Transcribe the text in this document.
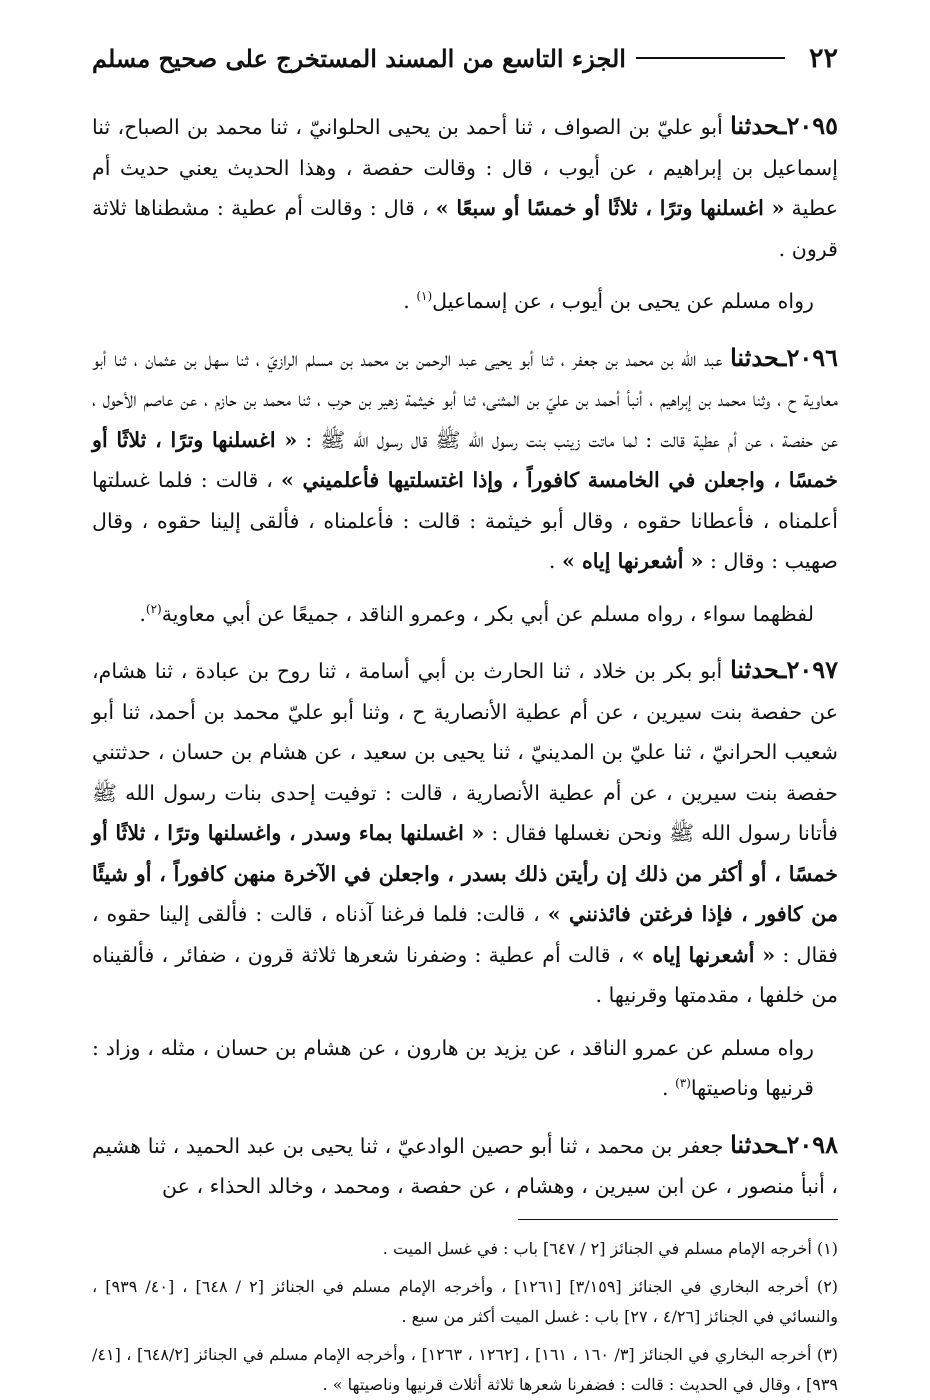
٢٢
الجزء التاسع من المسند المستخرج على صحيح مسلم

٢٠٩٥ـحدثنا أبو عليّ بن الصواف ، ثنا أحمد بن يحيى الحلوانيّ ، ثنا محمد بن الصباح، ثنا إسماعيل بن إبراهيم ، عن أيوب ، قال : وقالت حفصة ، وهذا الحديث يعني حديث أم عطية « اغسلنها وترًا ، ثلاثًا أو خمسًا أو سبعًا » ، قال : وقالت أم عطية : مشطناها ثلاثة قرون .

رواه مسلم عن يحيى بن أيوب ، عن إسماعيل$^{(١)}$ .

٢٠٩٦ـحدثنا عبد الله بن محمد بن جعفر ، ثنا أبو يحيى عبد الرحمن بن محمد بن مسلم الرازيّ ، ثنا سهل بن عثمان ، ثنا أبو معاوية ح ، وثنا محمد بن إبراهيم ، أنبأ أحمد بن عليّ بن المثنى، ثنا أبو خيثمة زهير بن حرب ، ثنا محمد بن حازم ، عن عاصم الأحول ، عن حفصة ، عن أم عطية قالت : لما ماتت زينب بنت رسول الله ﷺ قال رسول الله ﷺ : « اغسلنها وترًا ، ثلاثًا أو خمسًا ، واجعلن في الخامسة كافوراً ، وإذا اغتسلتيها فأعلميني » ، قالت : فلما غسلتها أعلمناه ، فأعطانا حقوه ، وقال أبو خيثمة : قالت : فأعلمناه ، فألقى إلينا حقوه ، وقال صهيب : وقال : « أشعرنها إياه » .

لفظهما سواء ، رواه مسلم عن أبي بكر ، وعمرو الناقد ، جميعًا عن أبي معاوية$^{(٢)}$.

٢٠٩٧ـحدثنا أبو بكر بن خلاد ، ثنا الحارث بن أبي أسامة ، ثنا روح بن عبادة ، ثنا هشام، عن حفصة بنت سيرين ، عن أم عطية الأنصارية ح ، وثنا أبو عليّ محمد بن أحمد، ثنا أبو شعيب الحرانيّ ، ثنا عليّ بن المدينيّ ، ثنا يحيى بن سعيد ، عن هشام بن حسان ، حدثتني حفصة بنت سيرين ، عن أم عطية الأنصارية ، قالت : توفيت إحدى بنات رسول الله ﷺ فأتانا رسول الله ﷺ ونحن نغسلها فقال : « اغسلنها بماء وسدر ، واغسلنها وترًا ، ثلاثًا أو خمسًا ، أو أكثر من ذلك إن رأيتن ذلك بسدر ، واجعلن في الآخرة منهن كافوراً ، أو شيئًا من كافور ، فإذا فرغتن فائذنني » ، قالت: فلما فرغنا آذناه ، قالت : فألقى إلينا حقوه ، فقال : « أشعرنها إياه » ، قالت أم عطية : وضفرنا شعرها ثلاثة قرون ، ضفائر ، فألقيناه من خلفها ، مقدمتها وقرنيها .

رواه مسلم عن عمرو الناقد ، عن يزيد بن هارون ، عن هشام بن حسان ، مثله ، وزاد : قرنيها وناصيتها$^{(٣)}$ .

٢٠٩٨ـحدثنا جعفر بن محمد ، ثنا أبو حصين الوادعيّ ، ثنا يحيى بن عبد الحميد ، ثنا هشيم ، أنبأ منصور ، عن ابن سيرين ، وهشام ، عن حفصة ، ومحمد ، وخالد الحذاء ، عن

(١) أخرجه الإمام مسلم في الجنائز [٢ / ٦٤٧] باب : في غسل الميت .

(٢) أخرجه البخاري في الجنائز [٣/١٥٩] [١٢٦١] ، وأخرجه الإمام مسلم في الجنائز [٢ / ٦٤٨] ، [٤٠/ ٩٣٩] ، والنسائي في الجنائز [٤/٢٦ ، ٢٧] باب : غسل الميت أكثر من سبع .

(٣) أخرجه البخاري في الجنائز [٣/ ١٦٠ ، ١٦١] ، [١٢٦٢ ، ١٢٦٣] ، وأخرجه الإمام مسلم في الجنائز [٦٤٨/٢] ، [٤١/ ٩٣٩] ، وقال في الحديث : قالت : فضفرنا شعرها ثلاثة أثلاث قرنيها وناصيتها » .
